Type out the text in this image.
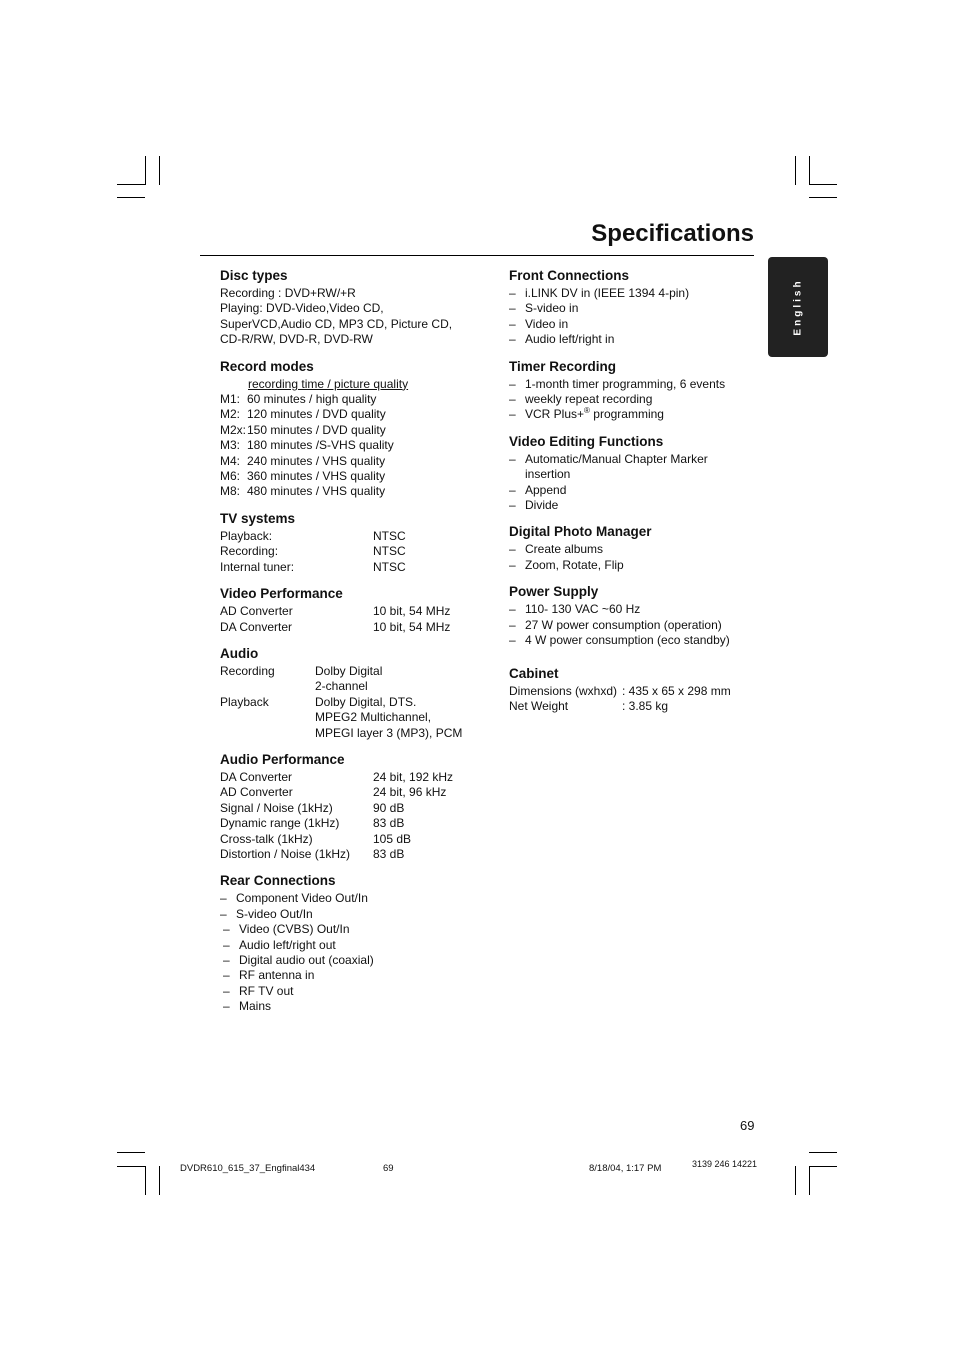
Specifications
English
Disc types
Recording : DVD+RW/+R
Playing: DVD-Video,Video CD,
SuperVCD,Audio CD, MP3 CD, Picture CD,
CD-R/RW, DVD-R, DVD-RW
Record modes
recording time / picture quality
M1: 60 minutes / high quality
M2: 120 minutes / DVD quality
M2x: 150 minutes / DVD quality
M3: 180 minutes /S-VHS quality
M4: 240 minutes / VHS quality
M6: 360 minutes / VHS quality
M8: 480 minutes / VHS quality
TV systems
Playback:	NTSC
Recording:	NTSC
Internal tuner:	NTSC
Video Performance
AD Converter	10 bit, 54 MHz
DA Converter	10 bit, 54 MHz
Audio
Recording	Dolby Digital
2-channel
Playback	Dolby Digital, DTS.
MPEG2 Multichannel,
MPEGI layer 3 (MP3), PCM
Audio Performance
DA Converter	24 bit, 192 kHz
AD Converter	24 bit, 96 kHz
Signal / Noise (1kHz)	90 dB
Dynamic range (1kHz)	83 dB
Cross-talk (1kHz)	105 dB
Distortion / Noise (1kHz)	83 dB
Rear Connections
– Component Video Out/In
– S-video Out/In
– Video (CVBS) Out/In
– Audio left/right out
– Digital audio out (coaxial)
– RF antenna in
– RF TV out
– Mains
Front Connections
– i.LINK DV in (IEEE 1394 4-pin)
– S-video in
– Video in
– Audio left/right in
Timer Recording
– 1-month timer programming, 6 events
– weekly repeat recording
– VCR Plus+® programming
Video Editing Functions
– Automatic/Manual Chapter Marker
insertion
– Append
– Divide
Digital Photo Manager
– Create albums
– Zoom, Rotate, Flip
Power Supply
– 110- 130 VAC ~60 Hz
– 27 W power consumption (operation)
– 4 W power consumption (eco standby)
Cabinet
Dimensions (wxhxd) : 435 x 65 x 298 mm
Net Weight	: 3.85 kg
69
DVDR610_615_37_Engfinal434	69	8/18/04, 1:17 PM	3139 246 14221
